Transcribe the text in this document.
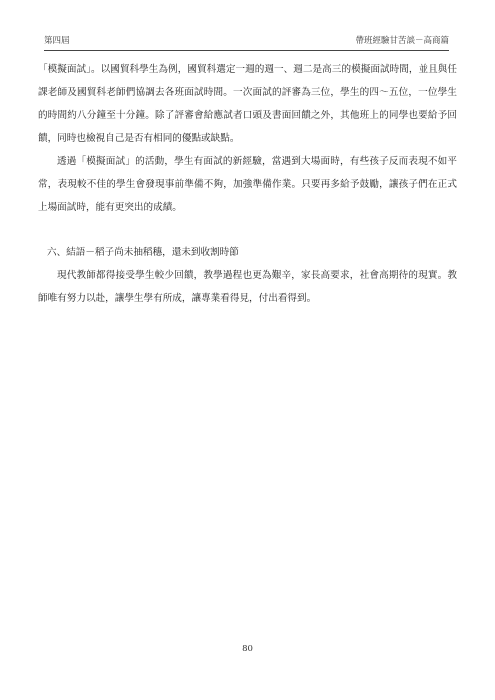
第四屆	帶班經驗甘苦談－高商篇

「模擬面試」。以國貿科學生為例，國貿科選定一週的週一、週二是高三的模擬面試時間，並且與任課老師及國貿科老師們協調去各班面試時間。一次面試的評審為三位，學生的四～五位，一位學生的時間約八分鐘至十分鐘。除了評審會給應試者口頭及書面回饋之外，其他班上的同學也要給予回饋，同時也檢視自己是否有相同的優點或缺點。

透過「模擬面試」的活動，學生有面試的新經驗，當遇到大場面時，有些孩子反而表現不如平常，表現較不佳的學生會發現事前準備不夠，加強準備作業。只要再多給予鼓勵，讓孩子們在正式上場面試時，能有更突出的成績。

六、結語－稻子尚未抽稻穗，還未到收割時節

現代教師都得接受學生較少回饋，教學過程也更為艱辛，家長高要求，社會高期待的現實。教師唯有努力以赴，讓學生學有所成，讓專業看得見，付出看得到。

80
